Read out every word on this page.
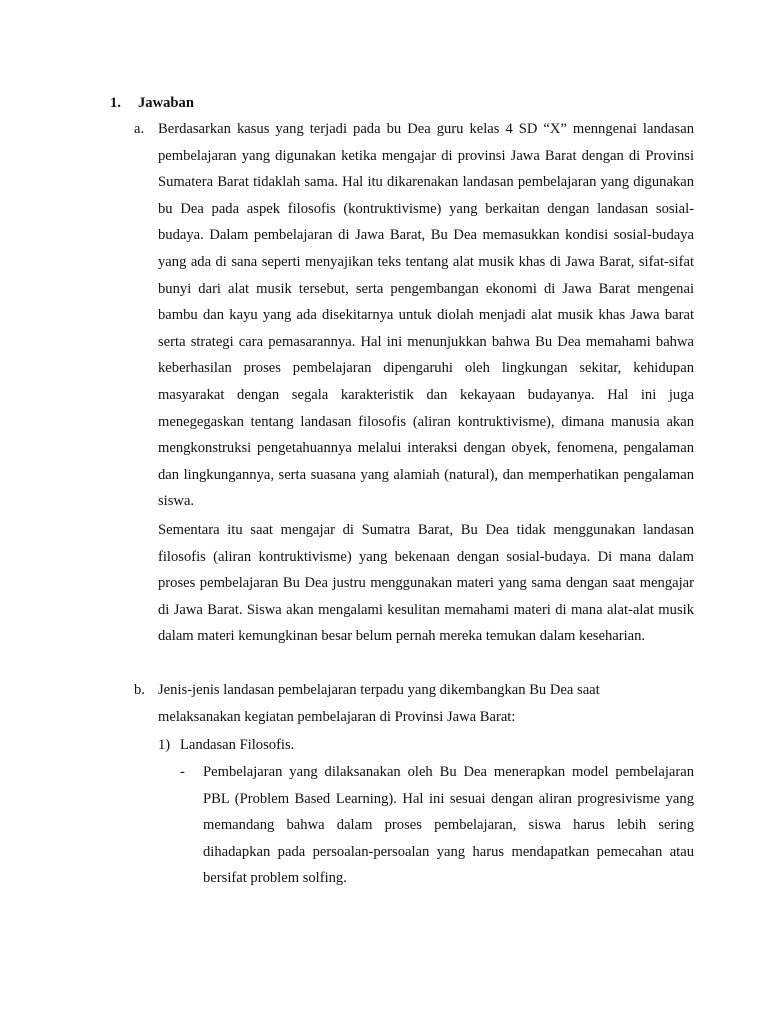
1. Jawaban
a. Berdasarkan kasus yang terjadi pada bu Dea guru kelas 4 SD “X” menngenai landasan pembelajaran yang digunakan ketika mengajar di provinsi Jawa Barat dengan di Provinsi Sumatera Barat tidaklah sama. Hal itu dikarenakan landasan pembelajaran yang digunakan bu Dea pada aspek filosofis (kontruktivisme) yang berkaitan dengan landasan sosial-budaya. Dalam pembelajaran di Jawa Barat, Bu Dea memasukkan kondisi sosial-budaya yang ada di sana seperti menyajikan teks tentang alat musik khas di Jawa Barat, sifat-sifat bunyi dari alat musik tersebut, serta pengembangan ekonomi di Jawa Barat mengenai bambu dan kayu yang ada disekitarnya untuk diolah menjadi alat musik khas Jawa barat serta strategi cara pemasarannya. Hal ini menunjukkan bahwa Bu Dea memahami bahwa keberhasilan proses pembelajaran dipengaruhi oleh lingkungan sekitar, kehidupan masyarakat dengan segala karakteristik dan kekayaan budayanya. Hal ini juga menegegaskan tentang landasan filosofis (aliran kontruktivisme), dimana manusia akan mengkonstruksi pengetahuannya melalui interaksi dengan obyek, fenomena, pengalaman dan lingkungannya, serta suasana yang alamiah (natural), dan memperhatikan pengalaman siswa.

Sementara itu saat mengajar di Sumatra Barat, Bu Dea tidak menggunakan landasan filosofis (aliran kontruktivisme) yang bekenaan dengan sosial-budaya. Di mana dalam proses pembelajaran Bu Dea justru menggunakan materi yang sama dengan saat mengajar di Jawa Barat. Siswa akan mengalami kesulitan memahami materi di mana alat-alat musik dalam materi kemungkinan besar belum pernah mereka temukan dalam keseharian.

b. Jenis-jenis landasan pembelajaran terpadu yang dikembangkan Bu Dea saat
melaksanakan kegiatan pembelajaran di Provinsi Jawa Barat:
1) Landasan Filosofis.
- Pembelajaran yang dilaksanakan oleh Bu Dea menerapkan model pembelajaran PBL (Problem Based Learning). Hal ini sesuai dengan aliran progresivisme yang memandang bahwa dalam proses pembelajaran, siswa harus lebih sering dihadapkan pada persoalan-persoalan yang harus mendapatkan pemecahan atau bersifat problem solfing.
